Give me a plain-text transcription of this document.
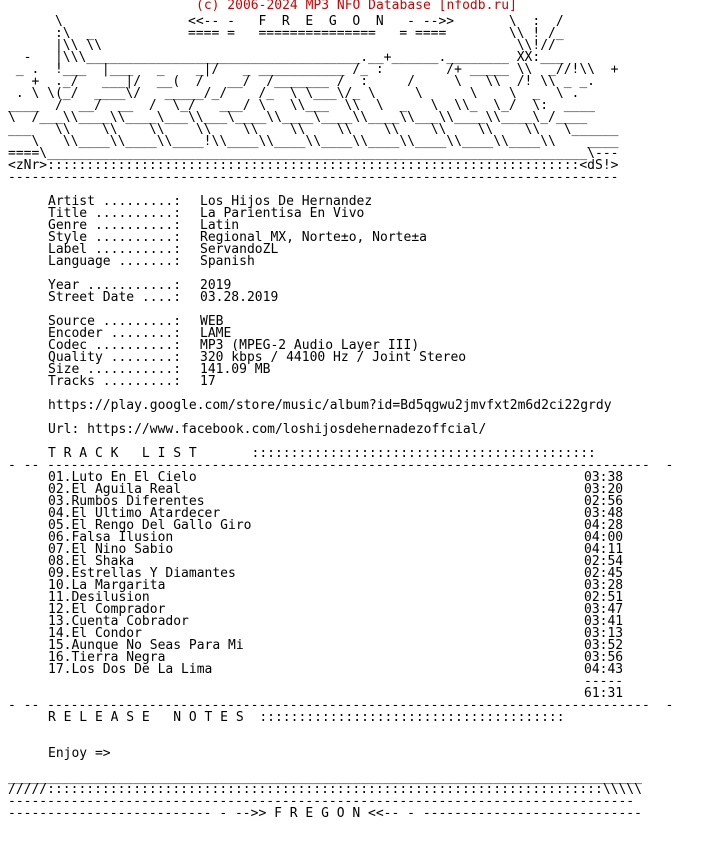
(c) 2006-2024 MP3 NFO Database [nfodb.ru]
\                <<-- -   F  R  E  G  O  N   - -->>       \  :  /
:\  _            ==== =   ===============   = ====        \\ ! /_
|\\ \\                                                     \\!//
-   |\\\___________________________________.__+______.________ XX:___
_ .  !___  |___   _    _|/   _ ___________ /_ :        /+ _____ \\  _//!\\  +
+  ._/   ___|/  __(  /   __/  /_______ /  :     /     \   \\  /! \\ _ _.
. \ \(_/  ____\/   _____/_/    /_  \ \___\/_ \     \      \    \  _  \ .
____  /  __/  __  /  \_/   ___/ \   \\___  \\  \  _   \  \\_  \_/  \:  ____
\  /___\\____\\____\___\\___\____\\____\____\\____\\___\\____\\____\_/____
___   \\    \\    \\    \\    \\    \\    \\    \\    \\    \\    \\   \______
\   \\____\\____\\____!\\____\\____\\____\\____\\____\\____\\____\\    ____
====\_____________________________________________________________________\---
<zNr>::::::::::::::::::::::::::::::::::::::::::::::::::::::::::::::::::::<dS!>
------------------------------------------------------------------------------
Artist .........: Los Hijos De Hernandez
Title ..........: La Parientisa En Vivo
Genre ..........: Latin
Style ..........: Regional MX, Norte±o, Norte±a
Label ..........: ServandoZL
Language .......: Spanish
Year ...........: 2019
Street Date ....: 03.28.2019
Source .........: WEB
Encoder ........: LAME
Codec ..........: MP3 (MPEG-2 Audio Layer III)
Quality ........: 320 kbps / 44100 Hz / Joint Stereo
Size ...........: 141.09 MB
Tracks .........: 17
https://play.google.com/store/music/album?id=Bd5qgwu2jmvfxt2m6d2ci22grdy
Url: https://www.facebook.com/loshijosdehernadezoffcial/
T R A C K   L I S T       ::::::::::::::::::::::::::::::::::::::::::::
- -- -----------------------------------------------------------------------------  -
01.Luto En El Cielo	03:38
02.El Aguila Real	03:20
03.Rumbos Diferentes	02:56
04.El Ultimo Atardecer	03:48
05.El Rengo Del Gallo Giro	04:28
06.Falsa Ilusion	04:00
07.El Nino Sabio	04:11
08.El Shaka	02:54
09.Estrellas Y Diamantes	02:45
10.La Margarita	03:28
11.Desilusion	02:51
12.El Comprador	03:47
13.Cuenta Cobrador	03:41
14.El Condor	03:13
15.Aunque No Seas Para Mi	03:52
16.Tierra Negra	03:56
17.Los Dos De La Lima	04:43
-----
61:31
- -- -----------------------------------------------------------------------------  -
R E L E A S E   N O T E S  :::::::::::::::::::::::::::::::::::::::
Enjoy =>
_________________________________________________________________________________
/////:::::::::::::::::::::::::::::::::::::::::::::::::::::::::::::::::::::::\\\\\
--------------------------------------------------------------------------------
-------------------------- - -->> F R E G O N <<-- - ----------------------------
